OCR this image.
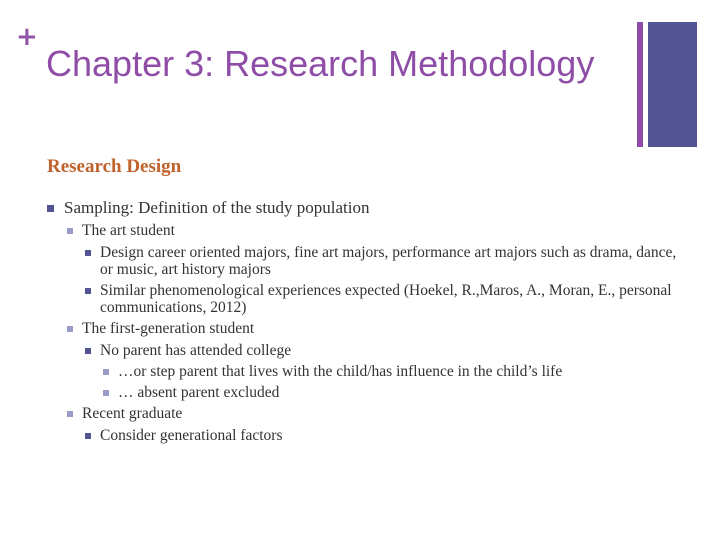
+
Chapter 3: Research Methodology
Research Design
Sampling: Definition of the study population
The art student
Design career oriented majors, fine art majors, performance art majors such as drama, dance, or music, art history majors
Similar phenomenological experiences expected (Hoekel, R.,Maros, A., Moran, E., personal communications, 2012)
The first-generation student
No parent has attended college
…or step parent that lives with the child/has influence in the child’s life
… absent parent excluded
Recent graduate
Consider generational factors
